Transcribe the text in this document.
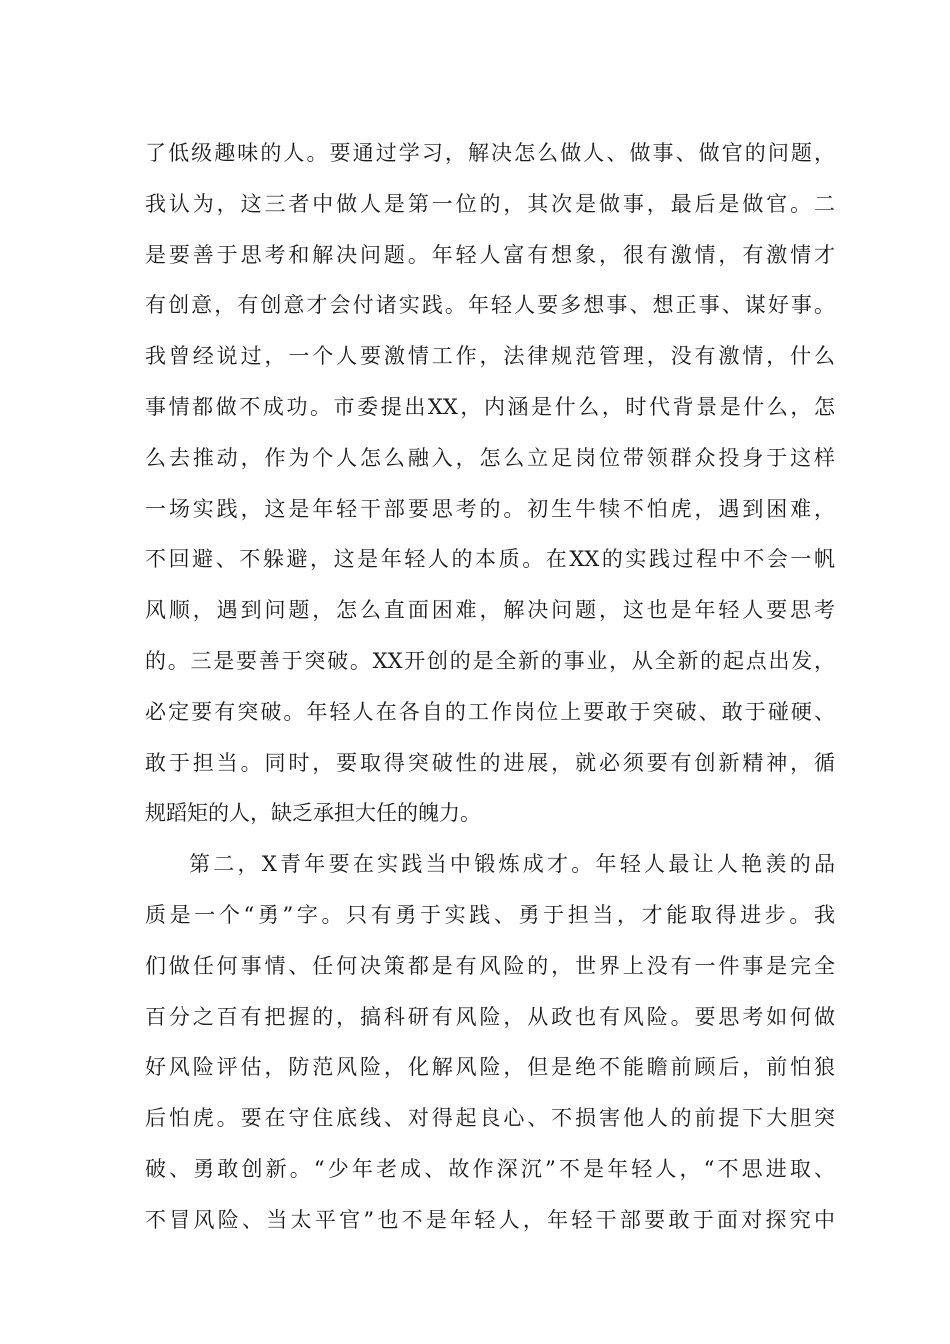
了低级趣味的人。要通过学习，解决怎么做人、做事、做官的问题，
我认为，这三者中做人是第一位的，其次是做事，最后是做官。二
是要善于思考和解决问题。年轻人富有想象，很有激情，有激情才
有创意，有创意才会付诸实践。年轻人要多想事、想正事、谋好事。
我曾经说过，一个人要激情工作，法律规范管理，没有激情，什么
事情都做不成功。市委提出XX，内涵是什么，时代背景是什么，怎
么去推动，作为个人怎么融入，怎么立足岗位带领群众投身于这样
一场实践，这是年轻干部要思考的。初生牛犊不怕虎，遇到困难，
不回避、不躲避，这是年轻人的本质。在XX的实践过程中不会一帆
风顺，遇到问题，怎么直面困难，解决问题，这也是年轻人要思考
的。三是要善于突破。XX开创的是全新的事业，从全新的起点出发，
必定要有突破。年轻人在各自的工作岗位上要敢于突破、敢于碰硬、
敢于担当。同时，要取得突破性的进展，就必须要有创新精神，循
规蹈矩的人，缺乏承担大任的魄力。
第二，X青年要在实践当中锻炼成才。年轻人最让人艳羡的品
质是一个“勇”字。只有勇于实践、勇于担当，才能取得进步。我
们做任何事情、任何决策都是有风险的，世界上没有一件事是完全
百分之百有把握的，搞科研有风险，从政也有风险。要思考如何做
好风险评估，防范风险，化解风险，但是绝不能瞻前顾后，前怕狼
后怕虎。要在守住底线、对得起良心、不损害他人的前提下大胆突
破、勇敢创新。“少年老成、故作深沉”不是年轻人，“不思进取、
不冒风险、当太平官”也不是年轻人，年轻干部要敢于面对探究中
